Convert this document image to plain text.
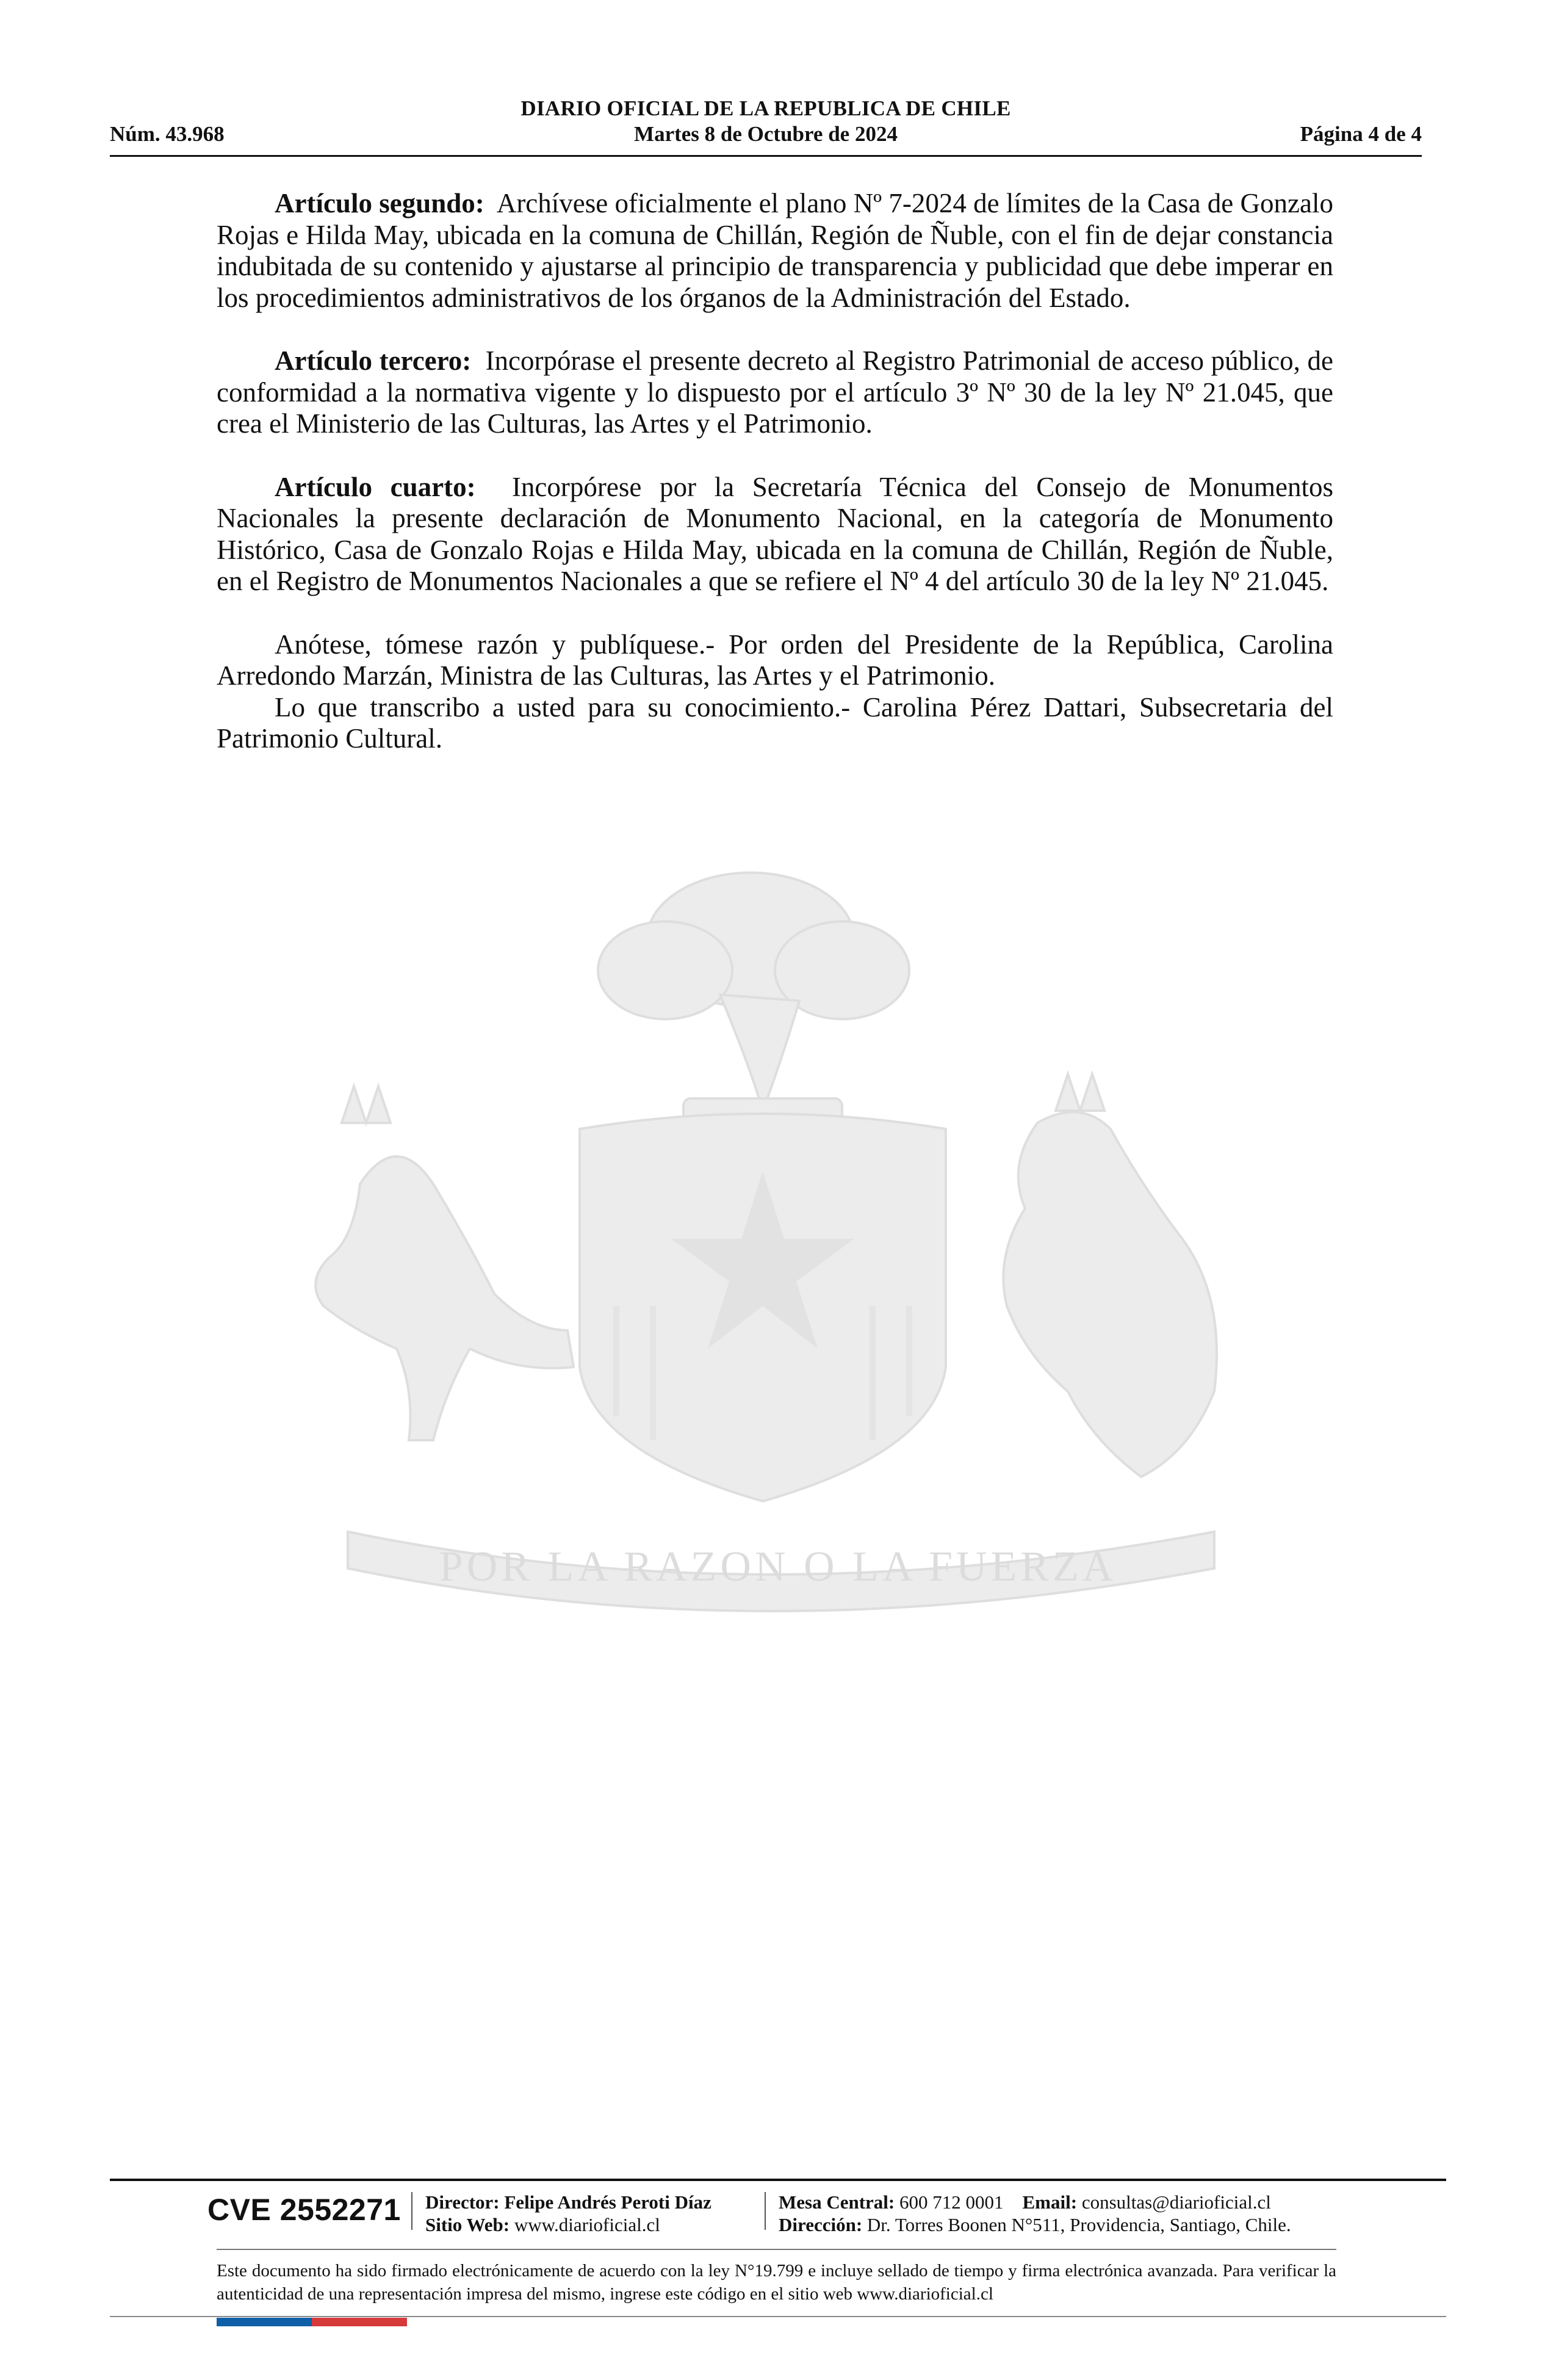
DIARIO OFICIAL DE LA REPUBLICA DE CHILE
Núm. 43.968	Martes 8 de Octubre de 2024	Página 4 de 4
POR LA RAZON O LA FUERZA

Artículo segundo: Archívese oficialmente el plano Nº 7-2024 de límites de la Casa de Gonzalo Rojas e Hilda May, ubicada en la comuna de Chillán, Región de Ñuble, con el fin de dejar constancia indubitada de su contenido y ajustarse al principio de transparencia y publicidad que debe imperar en los procedimientos administrativos de los órganos de la Administración del Estado.

Artículo tercero: Incorpórase el presente decreto al Registro Patrimonial de acceso público, de conformidad a la normativa vigente y lo dispuesto por el artículo 3º Nº 30 de la ley Nº 21.045, que crea el Ministerio de las Culturas, las Artes y el Patrimonio.

Artículo cuarto: Incorpórese por la Secretaría Técnica del Consejo de Monumentos Nacionales la presente declaración de Monumento Nacional, en la categoría de Monumento Histórico, Casa de Gonzalo Rojas e Hilda May, ubicada en la comuna de Chillán, Región de Ñuble, en el Registro de Monumentos Nacionales a que se refiere el Nº 4 del artículo 30 de la ley Nº 21.045.

Anótese, tómese razón y publíquese.- Por orden del Presidente de la República, Carolina Arredondo Marzán, Ministra de las Culturas, las Artes y el Patrimonio.

Lo que transcribo a usted para su conocimiento.- Carolina Pérez Dattari, Subsecretaria del Patrimonio Cultural.

CVE 2552271 Director: Felipe Andrés Peroti Díaz
Sitio Web: www.diarioficial.cl
Mesa Central: 600 712 0001 Email: consultas@diarioficial.cl
Dirección: Dr. Torres Boonen N°511, Providencia, Santiago, Chile.
Este documento ha sido firmado electrónicamente de acuerdo con la ley N°19.799 e incluye sellado de tiempo y firma electrónica avanzada. Para verificar la autenticidad de una representación impresa del mismo, ingrese este código en el sitio web www.diarioficial.cl
